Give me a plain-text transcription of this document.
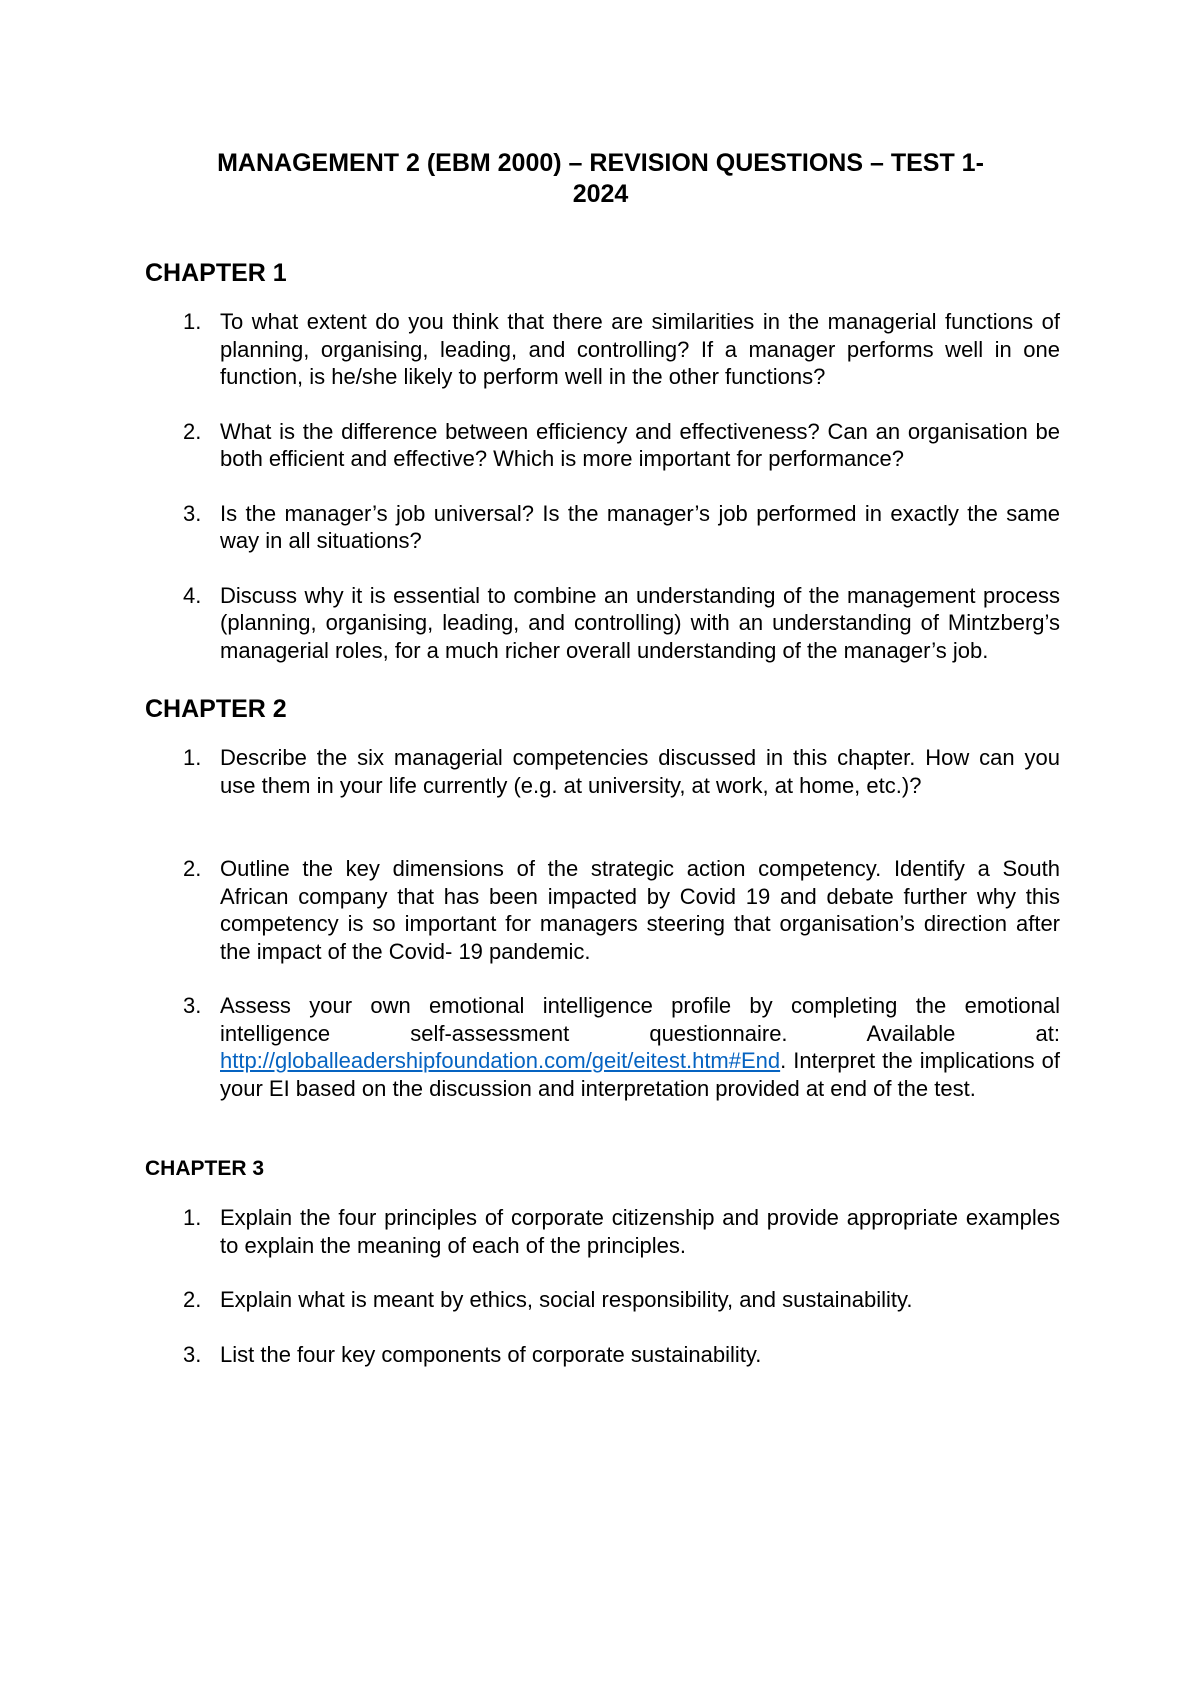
MANAGEMENT 2 (EBM 2000) – REVISION QUESTIONS – TEST 1-
2024
CHAPTER 1
1. To what extent do you think that there are similarities in the managerial functions of planning, organising, leading, and controlling? If a manager performs well in one function, is he/she likely to perform well in the other functions?
2. What is the difference between efficiency and effectiveness? Can an organisation be both efficient and effective? Which is more important for performance?
3. Is the manager’s job universal? Is the manager’s job performed in exactly the same way in all situations?
4. Discuss why it is essential to combine an understanding of the management process (planning, organising, leading, and controlling) with an understanding of Mintzberg’s managerial roles, for a much richer overall understanding of the manager’s job.
CHAPTER 2
1. Describe the six managerial competencies discussed in this chapter. How can you use them in your life currently (e.g. at university, at work, at home, etc.)?
2. Outline the key dimensions of the strategic action competency. Identify a South African company that has been impacted by Covid 19 and debate further why this competency is so important for managers steering that organisation’s direction after the impact of the Covid- 19 pandemic.
3. Assess your own emotional intelligence profile by completing the emotional intelligence self-assessment questionnaire. Available at: http://globalleadershipfoundation.com/geit/eitest.htm#End. Interpret the implications of your EI based on the discussion and interpretation provided at end of the test.
CHAPTER 3
1. Explain the four principles of corporate citizenship and provide appropriate examples to explain the meaning of each of the principles.
2. Explain what is meant by ethics, social responsibility, and sustainability.
3. List the four key components of corporate sustainability.
